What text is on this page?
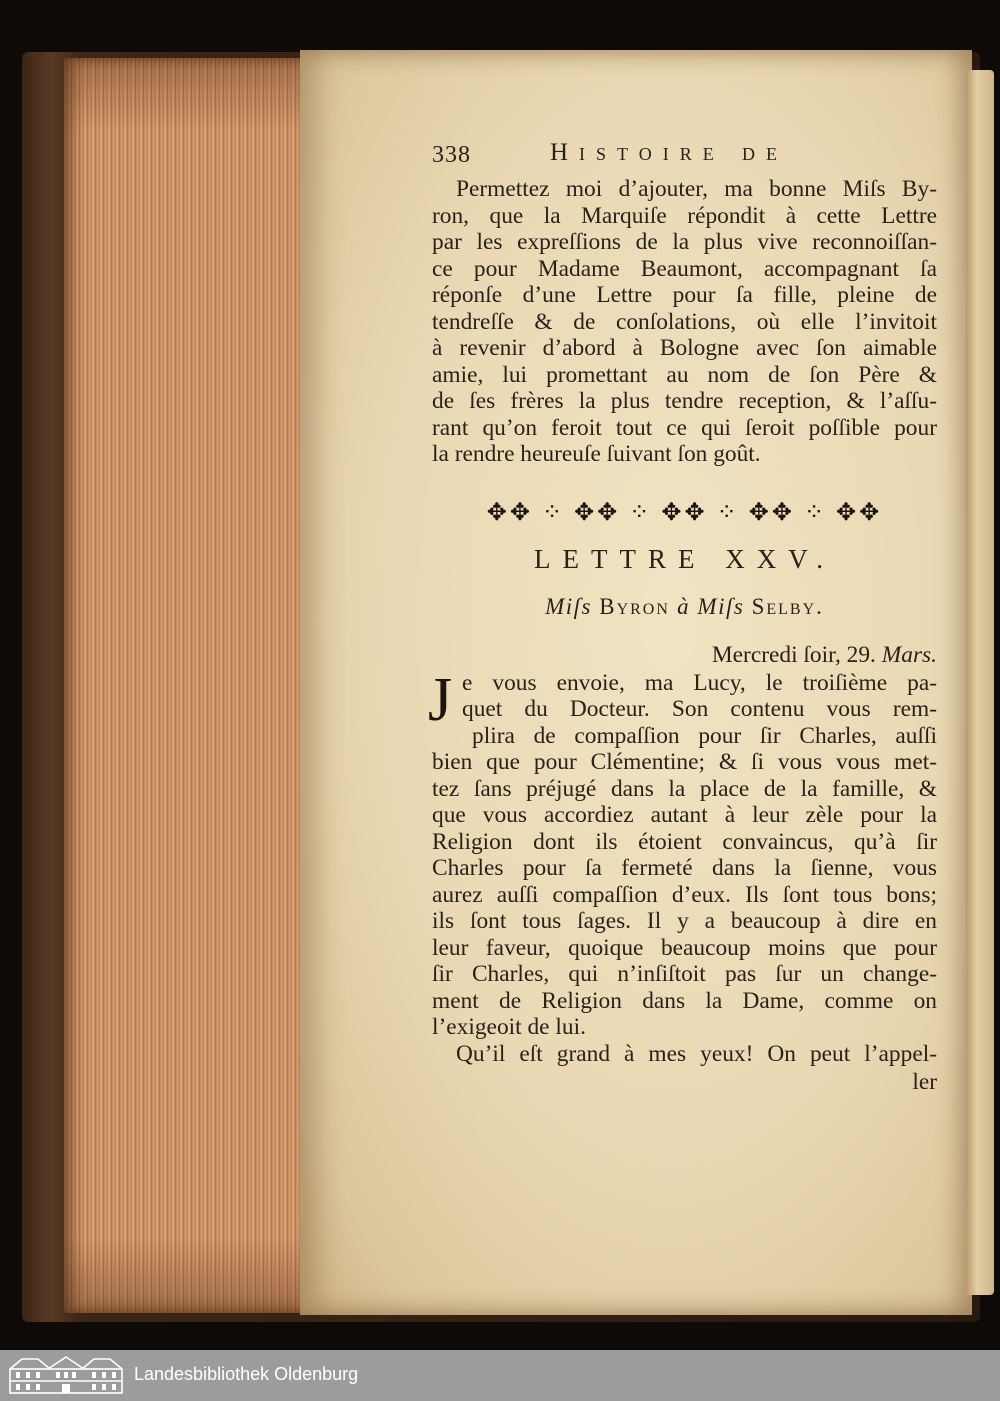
338	Histoire de
Permettez moi d’ajouter, ma bonne Miſs By-
ron, que la Marquiſe répondit à cette Lettre
par les expreſſions de la plus vive reconnoiſſan-
ce pour Madame Beaumont, accompagnant ſa
réponſe d’une Lettre pour ſa fille, pleine de
tendreſſe & de conſolations, où elle l’invitoit
à revenir d’abord à Bologne avec ſon aimable
amie, lui promettant au nom de ſon Père &
de ſes frères la plus tendre reception, & l’aſſu-
rant qu’on feroit tout ce qui ſeroit poſſible pour
la rendre heureuſe ſuivant ſon goût.
✥✥ ⁘ ✥✥ ⁘ ✥✥ ⁘ ✥✥ ⁘ ✥✥
LETTRE XXV.
Miſs Byron à Miſs Selby.
Mercredi ſoir, 29. Mars.
J e vous envoie, ma Lucy, le troiſième pa-
quet du Docteur. Son contenu vous rem-
plira de compaſſion pour ſir Charles, auſſi
bien que pour Clémentine; & ſi vous vous met-
tez ſans préjugé dans la place de la famille, &
que vous accordiez autant à leur zèle pour la
Religion dont ils étoient convaincus, qu’à ſir
Charles pour ſa fermeté dans la ſienne, vous
aurez auſſi compaſſion d’eux. Ils ſont tous bons;
ils ſont tous ſages. Il y a beaucoup à dire en
leur faveur, quoique beaucoup moins que pour
ſir Charles, qui n’inſiſtoit pas ſur un change-
ment de Religion dans la Dame, comme on
l’exigeoit de lui.
Qu’il eſt grand à mes yeux! On peut l’appel-
ler
Landesbibliothek Oldenburg
